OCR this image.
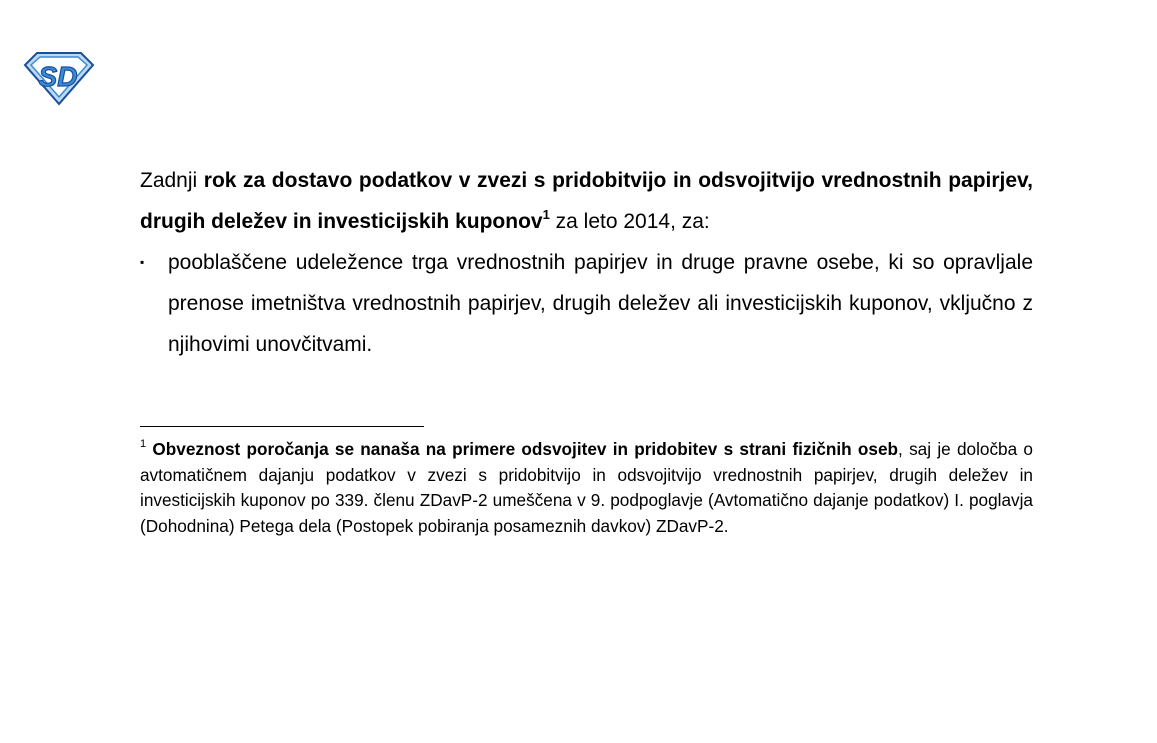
SD

Zadnji rok za dostavo podatkov v zvezi s pridobitvijo in odsvojitvijo vrednostnih papirjev, drugih deležev in investicijskih kuponov$^1$ za leto 2014, za:

▪ pooblaščene udeležence trga vrednostnih papirjev in druge pravne osebe, ki so opravljale prenose imetništva vrednostnih papirjev, drugih deležev ali investicijskih kuponov, vključno z njihovimi unovčitvami.
$^1$ Obveznost poročanja se nanaša na primere odsvojitev in pridobitev s strani fizičnih oseb, saj je določba o avtomatičnem dajanju podatkov v zvezi s pridobitvijo in odsvojitvijo vrednostnih papirjev, drugih deležev in investicijskih kuponov po 339. členu ZDavP-2 umeščena v 9. podpoglavje (Avtomatično dajanje podatkov) I. poglavja (Dohodnina) Petega dela (Postopek pobiranja posameznih davkov) ZDavP-2.
